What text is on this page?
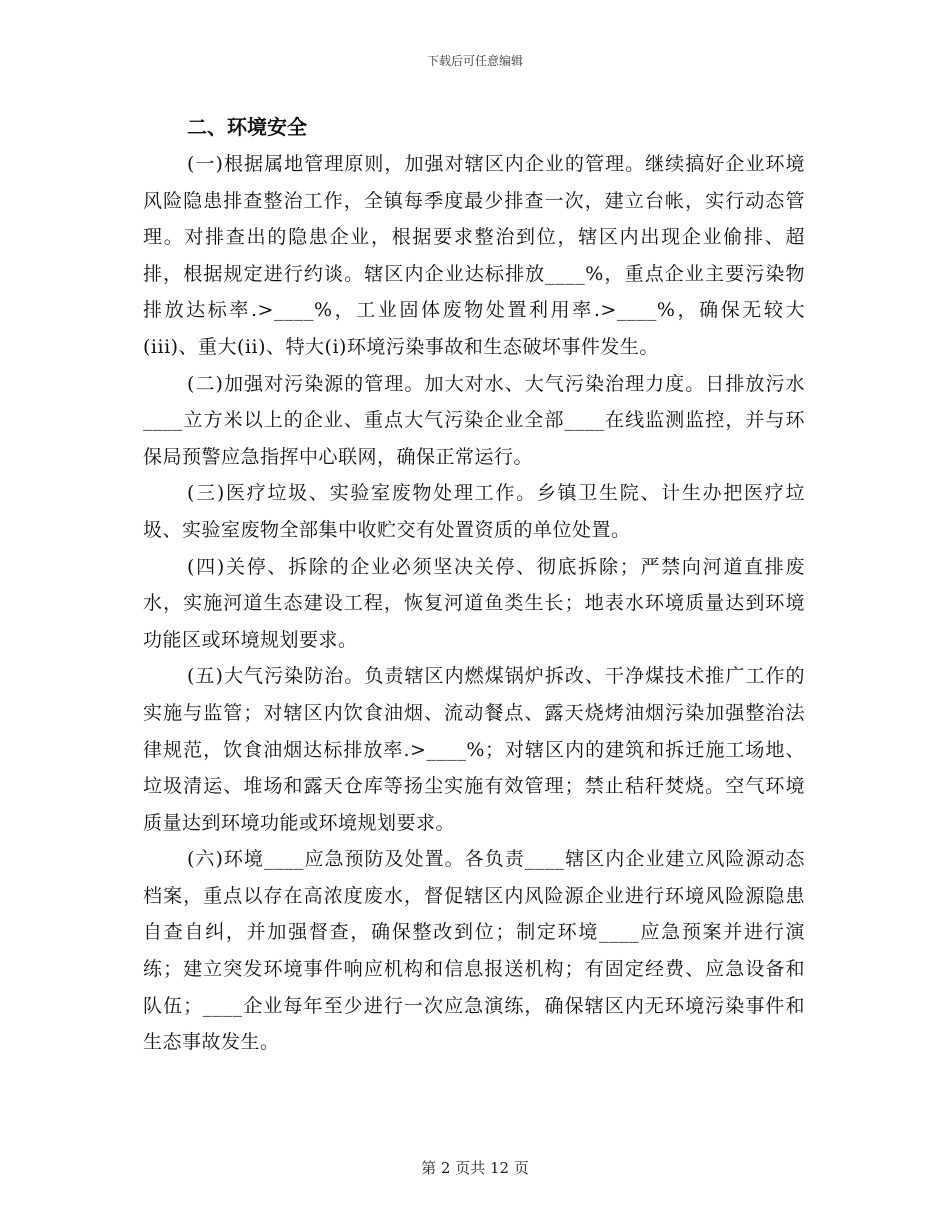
下载后可任意编辑
二、环境安全

(一)根据属地管理原则，加强对辖区内企业的管理。继续搞好企业环境风险隐患排查整治工作，全镇每季度最少排查一次，建立台帐，实行动态管理。对排查出的隐患企业，根据要求整治到位，辖区内出现企业偷排、超排，根据规定进行约谈。辖区内企业达标排放____%，重点企业主要污染物排放达标率.>____%，工业固体废物处置利用率.>____%，确保无较大(iii)、重大(ii)、特大(i)环境污染事故和生态破坏事件发生。

(二)加强对污染源的管理。加大对水、大气污染治理力度。日排放污水____立方米以上的企业、重点大气污染企业全部____在线监测监控，并与环保局预警应急指挥中心联网，确保正常运行。

(三)医疗垃圾、实验室废物处理工作。乡镇卫生院、计生办把医疗垃圾、实验室废物全部集中收贮交有处置资质的单位处置。

(四)关停、拆除的企业必须坚决关停、彻底拆除；严禁向河道直排废水，实施河道生态建设工程，恢复河道鱼类生长；地表水环境质量达到环境功能区或环境规划要求。

(五)大气污染防治。负责辖区内燃煤锅炉拆改、干净煤技术推广工作的实施与监管；对辖区内饮食油烟、流动餐点、露天烧烤油烟污染加强整治法律规范，饮食油烟达标排放率.>____%；对辖区内的建筑和拆迁施工场地、垃圾清运、堆场和露天仓库等扬尘实施有效管理；禁止秸秆焚烧。空气环境质量达到环境功能或环境规划要求。

(六)环境____应急预防及处置。各负责____辖区内企业建立风险源动态档案，重点以存在高浓度废水，督促辖区内风险源企业进行环境风险源隐患自查自纠，并加强督查，确保整改到位；制定环境____应急预案并进行演练；建立突发环境事件响应机构和信息报送机构；有固定经费、应急设备和队伍；____企业每年至少进行一次应急演练，确保辖区内无环境污染事件和生态事故发生。

第 2 页共 12 页
